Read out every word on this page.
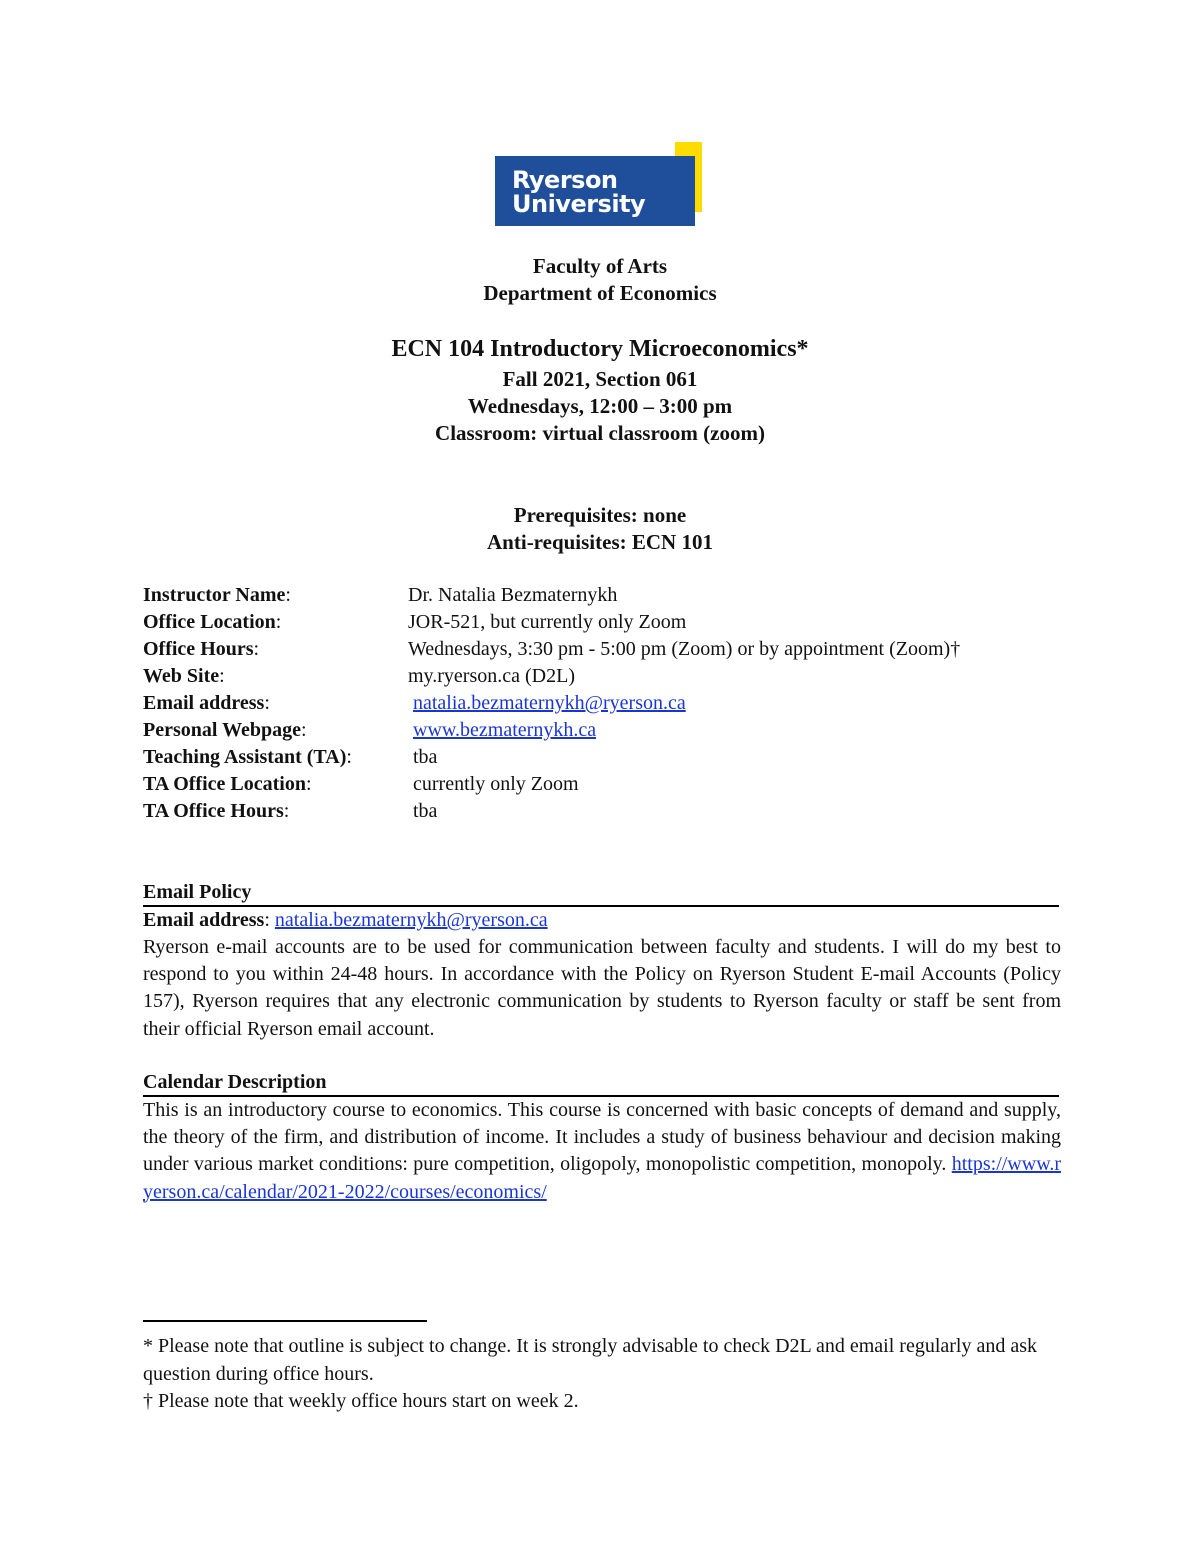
Ryerson
University
Faculty of Arts
Department of Economics
ECN 104 Introductory Microeconomics*
Fall 2021, Section 061
Wednesdays, 12:00 – 3:00 pm
Classroom: virtual classroom (zoom)
Prerequisites: none
Anti-requisites: ECN 101
Instructor Name:	Dr. Natalia Bezmaternykh
Office Location:	JOR-521, but currently only Zoom
Office Hours:	Wednesdays, 3:30 pm - 5:00 pm (Zoom) or by appointment (Zoom)†
Web Site:	my.ryerson.ca (D2L)
Email address:	natalia.bezmaternykh@ryerson.ca
Personal Webpage:	www.bezmaternykh.ca
Teaching Assistant (TA):	tba
TA Office Location:	currently only Zoom
TA Office Hours:	tba
Email Policy
Email address: natalia.bezmaternykh@ryerson.ca
Ryerson e-mail accounts are to be used for communication between faculty and students. I will do my best to respond to you within 24-48 hours. In accordance with the Policy on Ryerson Student E-mail Accounts (Policy 157), Ryerson requires that any electronic communication by students to Ryerson faculty or staff be sent from their official Ryerson email account.
Calendar Description
This is an introductory course to economics. This course is concerned with basic concepts of demand and supply, the theory of the firm, and distribution of income. It includes a study of business behaviour and decision making under various market conditions: pure competition, oligopoly, monopolistic competition, monopoly. https://www.ryerson.ca/calendar/2021-2022/courses/economics/
* Please note that outline is subject to change. It is strongly advisable to check D2L and email regularly and ask question during office hours.
† Please note that weekly office hours start on week 2.
